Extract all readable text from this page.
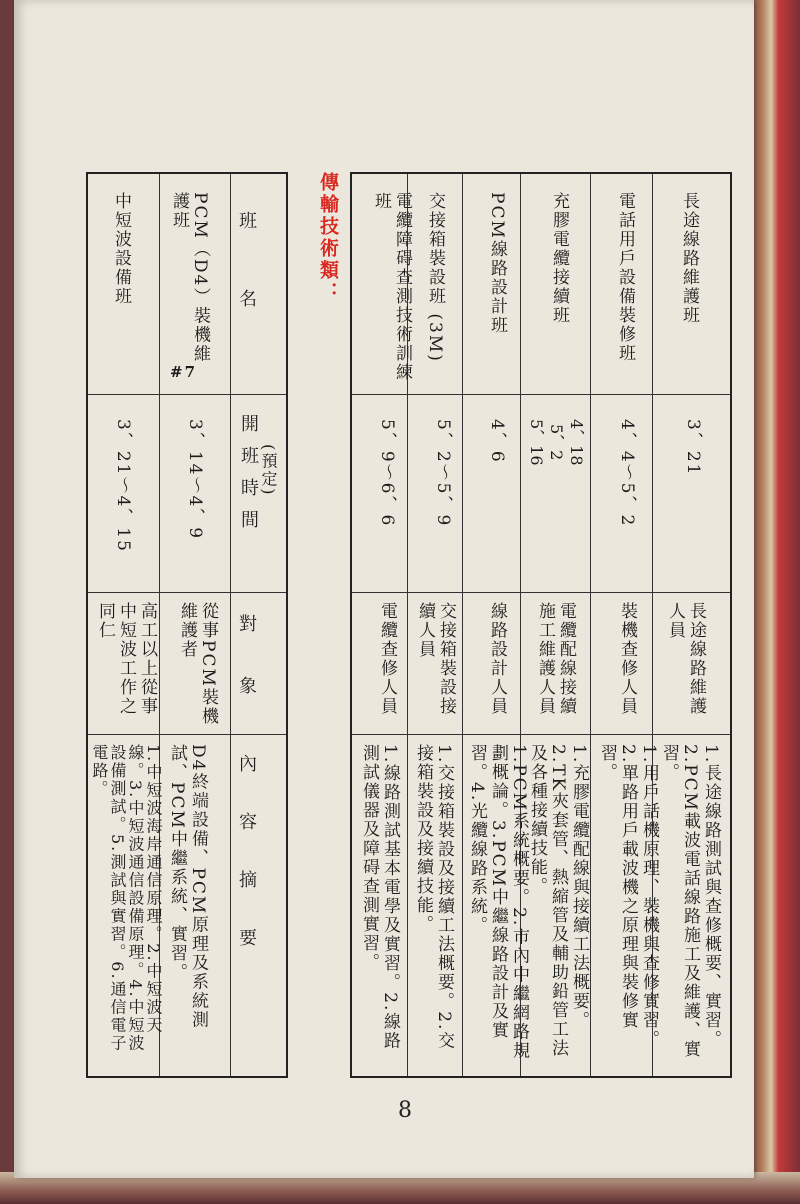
班名
開班時間 (預定)
對象
內容摘要
PCM（D4）裝機維護班
#7
3、14～4、9
從事PCM裝機維護者
D4終端設備、PCM原理及系統測試、PCM中繼系統、實習。
中短波設備班
3、21～4、15
高工以上從事中短波工作之同仁
1.中短波海岸通信原理。2.中短波天線。3.中短波通信設備原理。4.中短波設備測試。5.測試與實習。6.通信電子電路。
傳輸技術類：	長途線路維護班
3、21
長途線路維護人員
1.長途線路測試與查修概要、實習。2.PCM載波電話線路施工及維護、實習。
電話用戶設備裝修班
4、4～5、2
裝機查修人員
1.用戶話機原理、裝機與查修實習。2.單路用戶載波機之原理與裝修實習。
充膠電纜接續班
4、18
5、2
5、16
電纜配線接續施工維護人員
1.充膠電纜配線與接續工法概要。2.TK夾套管、熱縮管及輔助鉛管工法及各種接續技能。
PCM線路設計班
4、6
線路設計人員
1.PCM系統概要。2.市內中繼網路規劃概論。3.PCM中繼線路設計及實習。4.光纜線路系統。
交接箱裝設班 (3M)
5、2～5、9
交接箱裝設接續人員
1.交接箱裝設及接續工法概要。2.交接箱裝設及接續技能。
電纜障碍查測技術訓練班
5、9～6、6
電纜查修人員
1.線路測試基本電學及實習。2.線路測試儀器及障碍查測實習。
8
